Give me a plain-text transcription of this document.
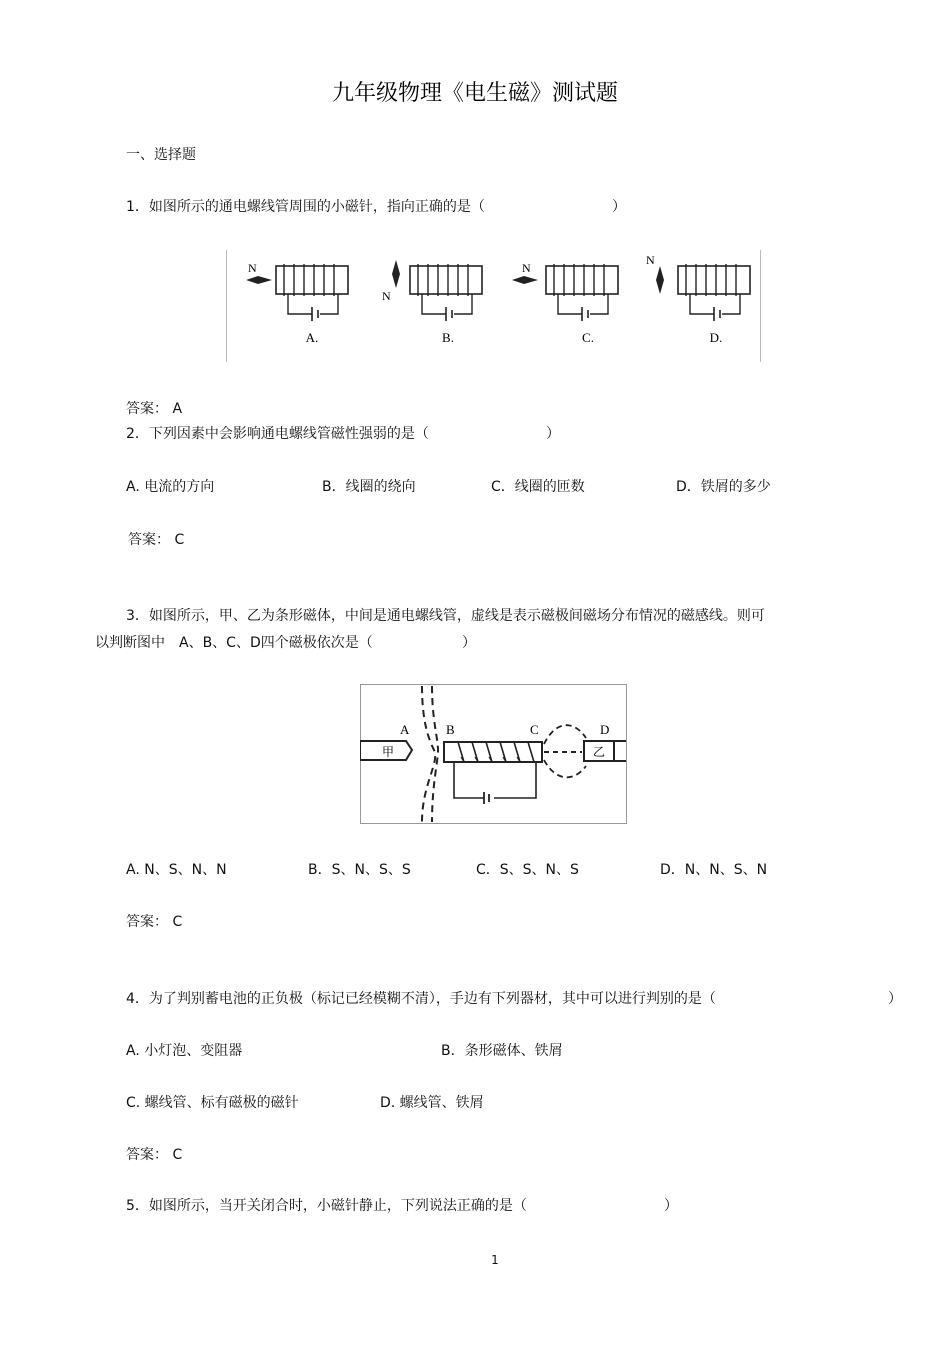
九年级物理《电生磁》测试题
一、选择题
1．如图所示的通电螺线管周围的小磁针，指向正确的是（	）
N
A.
N
B.
N
C.
N
D.
答案： A
2．下列因素中会影响通电螺线管磁性强弱的是（	）
A. 电流的方向	B．线圈的绕向	C．线圈的匝数	D．铁屑的多少
答案： C
3．如图所示，甲、乙为条形磁体，中间是通电螺线管，虚线是表示磁极间磁场分布情况的磁感线。则可
以判断图中　A、B、C、D四个磁极依次是（	）
甲
A	B	C
乙
D
A. N、S、N、N	B．S、N、S、S	C．S、S、N、S	D．N、N、S、N
答案： C
4．为了判别蓄电池的正负极（标记已经模糊不清），手边有下列器材，其中可以进行判别的是（	）
A. 小灯泡、变阻器	B．条形磁体、铁屑
C. 螺线管、标有磁极的磁针	D. 螺线管、铁屑
答案： C
5．如图所示，当开关闭合时，小磁针静止，下列说法正确的是（	）
1
